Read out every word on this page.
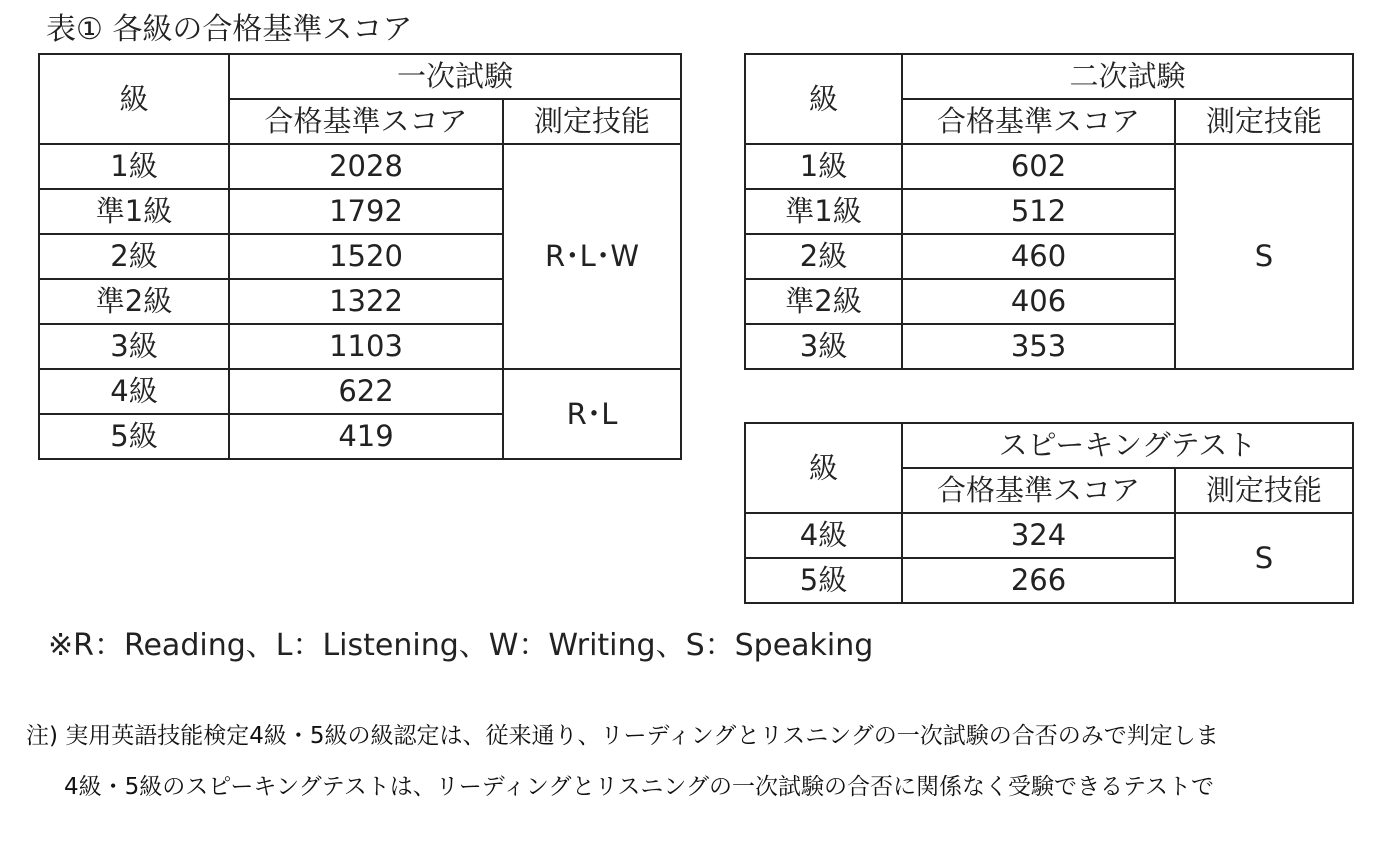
表① 各級の合格基準スコア
級	一次試験	
	合格基準スコア	測定技能
1級	2028	R･L･W
準1級	1792	
2級	1520	
準2級	1322	
3級	1103	
4級	622	R･L
5級	419	
級	二次試験	
	合格基準スコア	測定技能
1級	602	S
準1級	512	
2級	460	
準2級	406	
3級	353	
級	スピーキングテスト	
	合格基準スコア	測定技能
4級	324	S
5級	266	
※R：Reading、L：Listening、W：Writing、S：Speaking
注) 実用英語技能検定4級・5級の級認定は、従来通り、リーディングとリスニングの一次試験の合否のみで判定しま
4級・5級のスピーキングテストは、リーディングとリスニングの一次試験の合否に関係なく受験できるテストで
